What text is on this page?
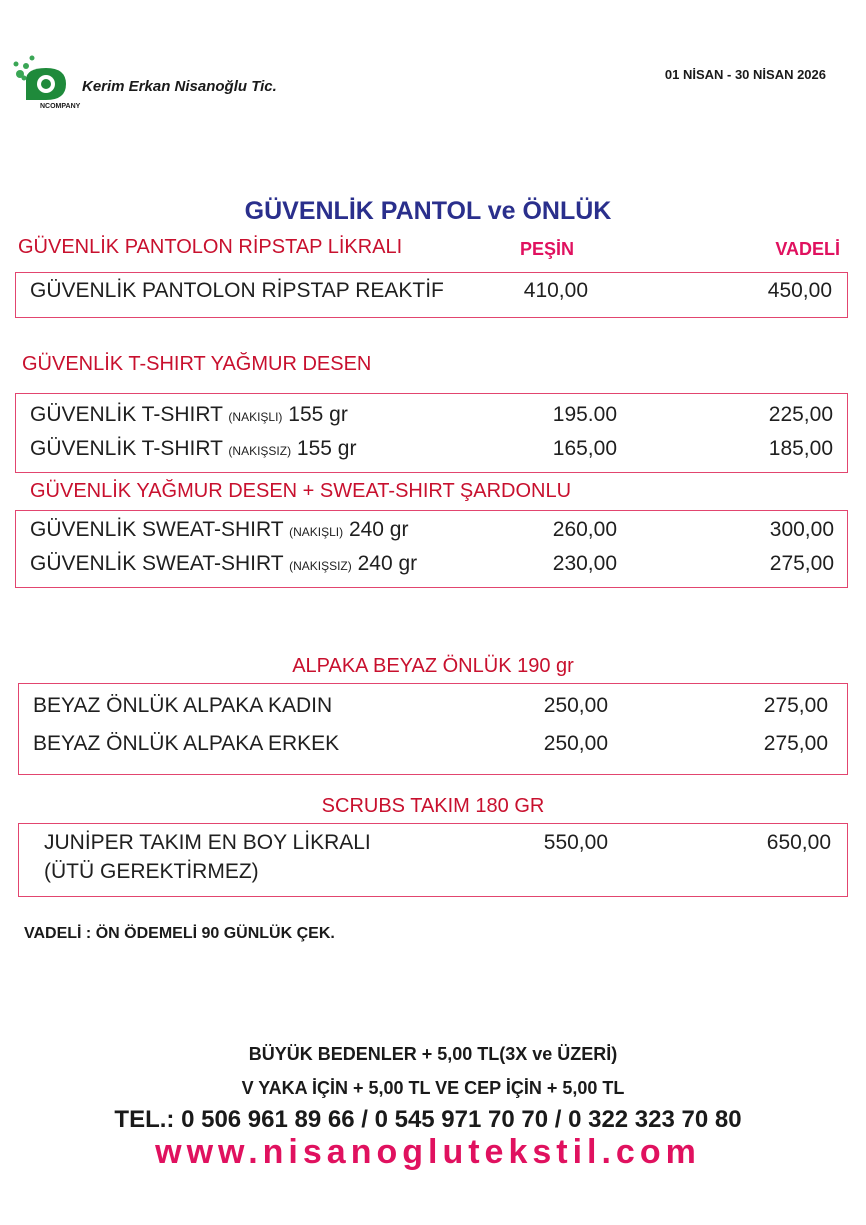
Kerim Erkan Nisanoğlu Tic.
NCOMPANY
01 NİSAN - 30 NİSAN 2026
GÜVENLİK PANTOL ve ÖNLÜK
GÜVENLİK PANTOLON RİPSTAP LİKRALI	PEŞİN	VADELİ
GÜVENLİK PANTOLON RİPSTAP REAKTİF	410,00	450,00
GÜVENLİK T-SHIRT YAĞMUR DESEN
GÜVENLİK T-SHIRT (NAKIŞLI) 155 gr	195.00	225,00
GÜVENLİK T-SHIRT (NAKIŞSIZ) 155 gr	165,00	185,00
GÜVENLİK YAĞMUR DESEN + SWEAT-SHIRT ŞARDONLU
GÜVENLİK SWEAT-SHIRT (NAKIŞLI) 240 gr	260,00	300,00
GÜVENLİK SWEAT-SHIRT (NAKIŞSIZ) 240 gr	230,00	275,00
ALPAKA BEYAZ ÖNLÜK 190 gr
BEYAZ ÖNLÜK ALPAKA KADIN	250,00	275,00
BEYAZ ÖNLÜK ALPAKA ERKEK	250,00	275,00
SCRUBS TAKIM 180 GR
JUNİPER TAKIM EN BOY LİKRALI
(ÜTÜ GEREKTİRMEZ)
550,00	650,00
VADELİ : ÖN ÖDEMELİ 90 GÜNLÜK ÇEK.
BÜYÜK BEDENLER + 5,00 TL(3X ve ÜZERİ)
V YAKA İÇİN + 5,00 TL VE CEP İÇİN + 5,00 TL
TEL.: 0 506 961 89 66 / 0 545 971 70 70 / 0 322 323 70 80
www.nisanoglutekstil.com
